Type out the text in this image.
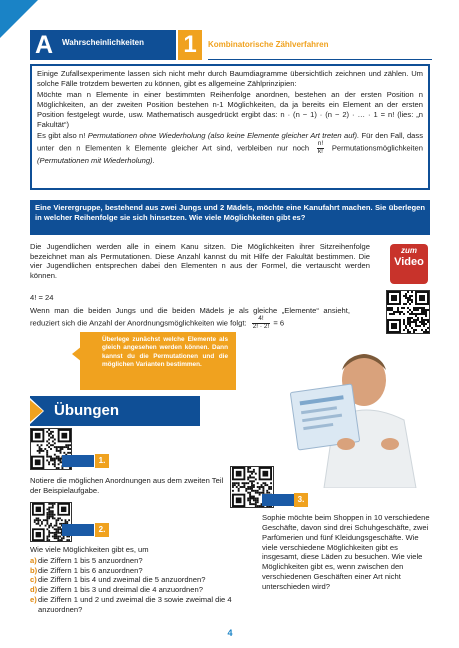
A	Wahrscheinlichkeiten 1	Kombinatorische Zählverfahren

Einige Zufallsexperimente lassen sich nicht mehr durch Baumdiagramme übersichtlich zeichnen und zählen. Um solche Fälle trotzdem bewerten zu können, gibt es allgemeine Zählprinzipien:

Möchte man n Elemente in einer bestimmten Reihenfolge anordnen, bestehen an der ersten Position n Möglichkeiten, an der zweiten Position bestehen n-1 Möglichkeiten, da ja bereits ein Element an der ersten Position festgelegt wurde, usw. Mathematisch ausgedrückt ergibt das: n · (n − 1) · (n − 2) · … · 1 = n! (lies: „n Fakultät“)

Es gibt also n! Permutationen ohne Wiederholung (also keine Elemente gleicher Art treten auf). Für den Fall, dass unter den n Elementen k Elemente gleicher Art sind, verbleiben nur noch $\frac{n!}{k!}$ Permutationsmöglichkeiten (Permutationen mit Wiederholung).

Eine Vierergruppe, bestehend aus zwei Jungs und 2 Mädels, möchte eine Kanufahrt machen. Sie überlegen in welcher Reihenfolge sie sich hinsetzen. Wie viele Möglichkeiten gibt es?
Die Jugendlichen werden alle in einem Kanu sitzen. Die Möglichkeiten ihrer Sitzreihenfolge bezeichnet man als Permutationen. Diese Anzahl kannst du mit Hilfe der Fakultät bestimmen. Die vier Jugendlichen entsprechen dabei den Elementen n aus der Formel, die vertauscht werden können.
4! = 24
Wenn man die beiden Jungs und die beiden Mädels je als gleiche „Elemente“ ansieht, reduziert sich die Anzahl der Anordnungsmöglichkeiten wie folgt: $\frac{4!}{2! \cdot 2!} = 6$
zum
Video
Überlege zunächst welche Elemente als gleich angesehen werden können. Dann kannst du die Permutationen und die möglichen Varianten bestimmen.
Übungen
1.
Notiere die möglichen Anordnungen aus dem zweiten Teil der Beispielaufgabe.
3.
Sophie möchte beim Shoppen in 10 verschiedene Geschäfte, davon sind drei Schuhgeschäfte, zwei Parfümerien und fünf Kleidungsgeschäfte. Wie viele verschiedene Möglichkeiten gibt es insgesamt, diese Läden zu besuchen. Wie viele Möglichkeiten gibt es, wenn zwischen den verschiedenen Geschäften einer Art nicht unterschieden wird?
2.
Wie viele Möglichkeiten gibt es, um
a) die Ziffern 1 bis 5 anzuordnen?
b) die Ziffern 1 bis 6 anzuordnen?
c) die Ziffern 1 bis 4 und zweimal die 5 anzuordnen?
d) die Ziffern 1 bis 3 und dreimal die 4 anzuordnen?
e) die Ziffern 1 und 2 und zweimal die 3 sowie zweimal die 4 anzuordnen?
4
